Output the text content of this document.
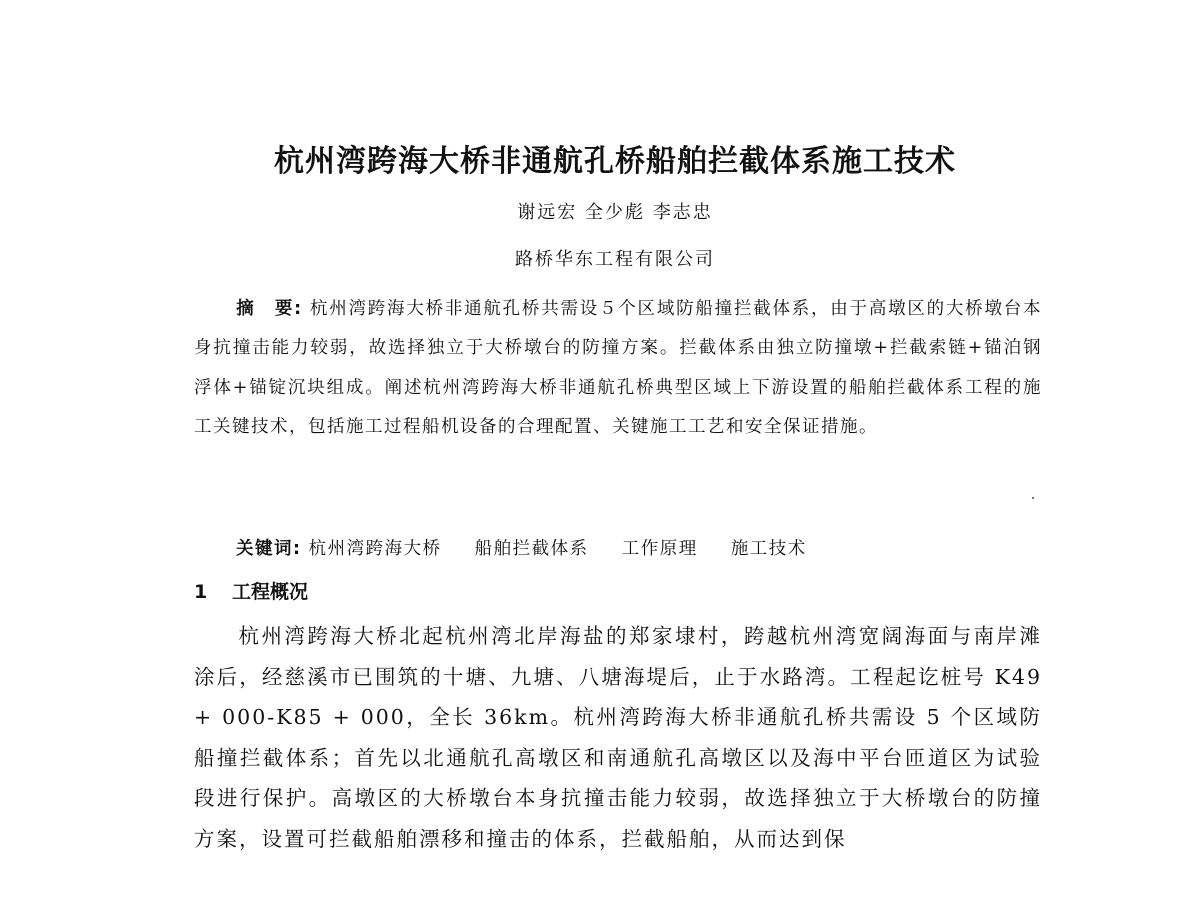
杭州湾跨海大桥非通航孔桥船舶拦截体系施工技术
谢远宏 全少彪 李志忠
路桥华东工程有限公司

摘　要: 杭州湾跨海大桥非通航孔桥共需设５个区域防船撞拦截体系，由于高墩区的大桥墩台本身抗撞击能力较弱，故选择独立于大桥墩台的防撞方案。拦截体系由独立防撞墩+拦截索链+锚泊钢浮体+锚锭沉块组成。阐述杭州湾跨海大桥非通航孔桥典型区域上下游设置的船舶拦截体系工程的施工关键技术，包括施工过程船机设备的合理配置、关键施工工艺和安全保证措施。

关键词: 杭州湾跨海大桥 船舶拦截体系 工作原理 施工技术
1 工程概况

杭州湾跨海大桥北起杭州湾北岸海盐的郑家埭村，跨越杭州湾宽阔海面与南岸滩涂后，经慈溪市已围筑的十塘、九塘、八塘海堤后，止于水路湾。工程起讫桩号 K49 + 000-K85 + 000，全长 36km。杭州湾跨海大桥非通航孔桥共需设 5 个区域防船撞拦截体系；首先以北通航孔高墩区和南通航孔高墩区以及海中平台匝道区为试验段进行保护。高墩区的大桥墩台本身抗撞击能力较弱，故选择独立于大桥墩台的防撞方案，设置可拦截船舶漂移和撞击的体系，拦截船舶，从而达到保
